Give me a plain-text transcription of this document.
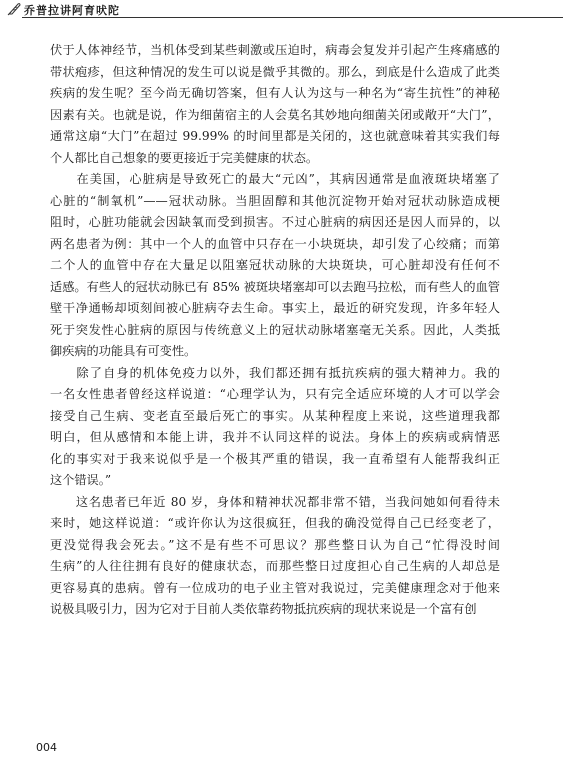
乔普拉讲阿育吠陀
伏于人体神经节，当机体受到某些刺激或压迫时，病毒会复发并引起产生疼痛感的
带状疱疹，但这种情况的发生可以说是微乎其微的。那么，到底是什么造成了此类
疾病的发生呢？至今尚无确切答案，但有人认为这与一种名为“寄生抗性”的神秘
因素有关。也就是说，作为细菌宿主的人会莫名其妙地向细菌关闭或敞开“大门”，
通常这扇“大门”在超过 99.99% 的时间里都是关闭的，这也就意味着其实我们每
个人都比自己想象的要更接近于完美健康的状态。
　　在美国，心脏病是导致死亡的最大“元凶”，其病因通常是血液斑块堵塞了
心脏的“制氧机”——冠状动脉。当胆固醇和其他沉淀物开始对冠状动脉造成梗
阻时，心脏功能就会因缺氧而受到损害。不过心脏病的病因还是因人而异的，以
两名患者为例：其中一个人的血管中只存在一小块斑块，却引发了心绞痛；而第
二个人的血管中存在大量足以阻塞冠状动脉的大块斑块，可心脏却没有任何不
适感。有些人的冠状动脉已有 85% 被斑块堵塞却可以去跑马拉松，而有些人的血管
壁干净通畅却顷刻间被心脏病夺去生命。事实上，最近的研究发现，许多年轻人
死于突发性心脏病的原因与传统意义上的冠状动脉堵塞毫无关系。因此，人类抵
御疾病的功能具有可变性。
　　除了自身的机体免疫力以外，我们都还拥有抵抗疾病的强大精神力。我的
一名女性患者曾经这样说道：“心理学认为，只有完全适应环境的人才可以学会
接受自己生病、变老直至最后死亡的事实。从某种程度上来说，这些道理我都
明白，但从感情和本能上讲，我并不认同这样的说法。身体上的疾病或病情恶
化的事实对于我来说似乎是一个极其严重的错误，我一直希望有人能帮我纠正
这个错误。”
　　这名患者已年近 80 岁，身体和精神状况都非常不错，当我问她如何看待未
来时，她这样说道：“或许你认为这很疯狂，但我的确没觉得自己已经变老了，
更没觉得我会死去。”这不是有些不可思议？那些整日认为自己“忙得没时间
生病”的人往往拥有良好的健康状态，而那些整日过度担心自己生病的人却总是
更容易真的患病。曾有一位成功的电子业主管对我说过，完美健康理念对于他来
说极具吸引力，因为它对于目前人类依靠药物抵抗疾病的现状来说是一个富有创
004
